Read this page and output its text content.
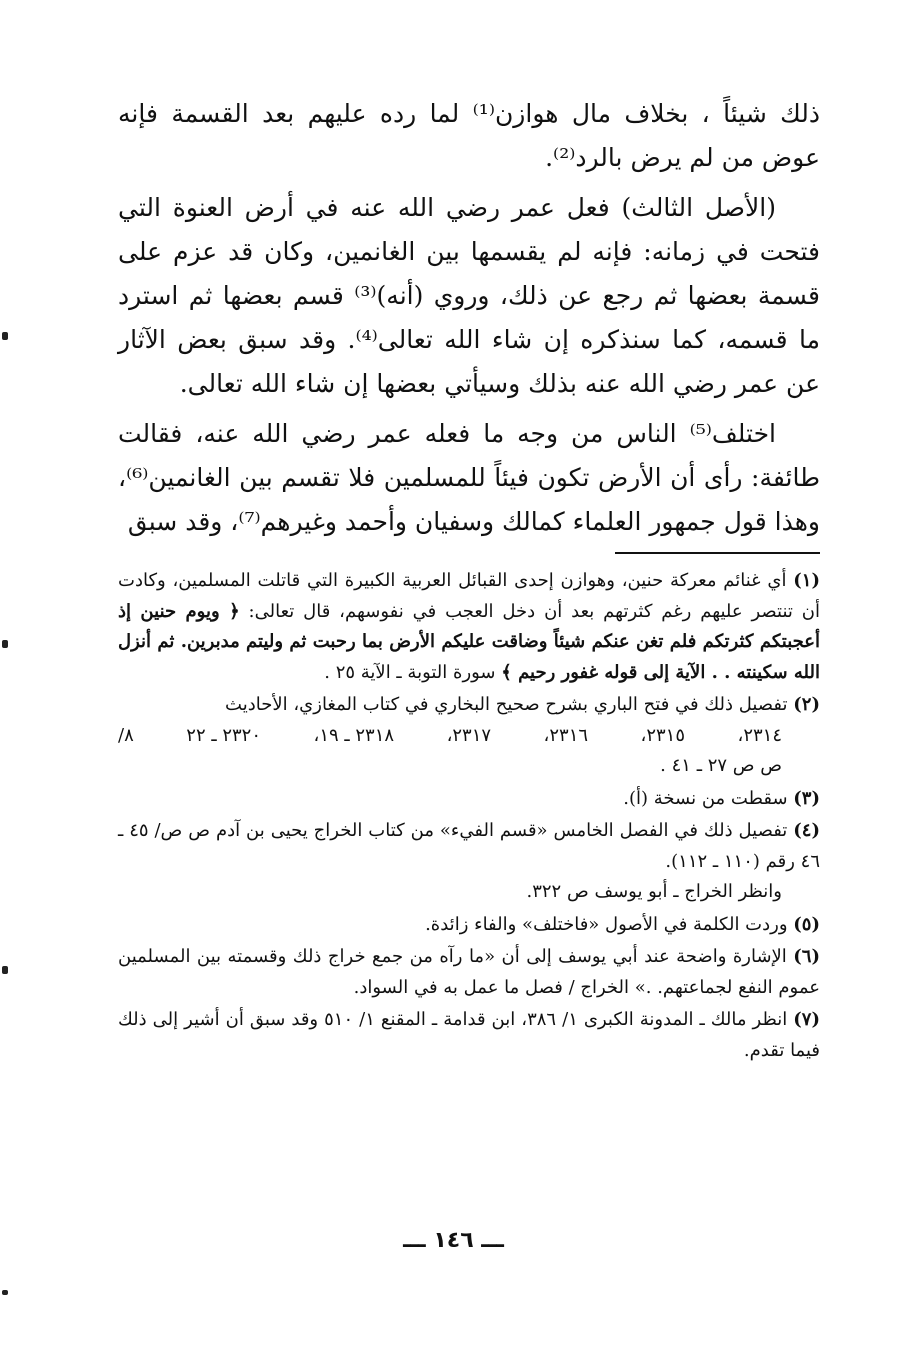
ذلك شيئاً ، بخلاف مال هوازن⁽¹⁾ لما رده عليهم بعد القسمة فإنه عوض من لم يرض بالرد⁽²⁾.

(الأصل الثالث) فعل عمر رضي الله عنه في أرض العنوة التي فتحت في زمانه: فإنه لم يقسمها بين الغانمين، وكان قد عزم على قسمة بعضها ثم رجع عن ذلك، وروي (أنه)⁽³⁾ قسم بعضها ثم استرد ما قسمه، كما سنذكره إن شاء الله تعالى⁽⁴⁾. وقد سبق بعض الآثار عن عمر رضي الله عنه بذلك وسيأتي بعضها إن شاء الله تعالى.

اختلف⁽⁵⁾ الناس من وجه ما فعله عمر رضي الله عنه، فقالت طائفة: رأى أن الأرض تكون فيئاً للمسلمين فلا تقسم بين الغانمين⁽⁶⁾، وهذا قول جمهور العلماء كمالك وسفيان وأحمد وغيرهم⁽⁷⁾، وقد سبق

(١) أي غنائم معركة حنين، وهوازن إحدى القبائل العربية الكبيرة التي قاتلت المسلمين، وكادت أن تنتصر عليهم رغم كثرتهم بعد أن دخل العجب في نفوسهم، قال تعالى: ﴿ ويوم حنين إذ أعجبتكم كثرتكم فلم تغن عنكم شيئاً وضاقت عليكم الأرض بما رحبت ثم وليتم مدبرين. ثم أنزل الله سكينته . . الآية إلى قوله غفور رحيم ﴾ سورة التوبة ـ الآية ٢٥ .
(٢) تفصيل ذلك في فتح الباري بشرح صحيح البخاري في كتاب المغازي، الأحاديث
٢٣١٤،
٢٣١٥،
٢٣١٦،
٢٣١٧،
٢٣١٨ ـ ١٩،
٢٣٢٠ ـ ٢٢
٨/
ص ص ٢٧ ـ ٤١ .
(٣) سقطت من نسخة (أ).
(٤) تفصيل ذلك في الفصل الخامس «قسم الفيء» من كتاب الخراج يحيى بن آدم ص ص/ ٤٥ ـ ٤٦ رقم (١١٠ ـ ١١٢).
وانظر الخراج ـ أبو يوسف ص ٣٢٢.
(٥) وردت الكلمة في الأصول «فاختلف» والفاء زائدة.
(٦) الإشارة واضحة عند أبي يوسف إلى أن «ما رآه من جمع خراج ذلك وقسمته بين المسلمين عموم النفع لجماعتهم. .» الخراج / فصل ما عمل به في السواد.
(٧) انظر مالك ـ المدونة الكبرى ١/ ٣٨٦، ابن قدامة ـ المقنع ١/ ٥١٠ وقد سبق أن أشير إلى ذلك فيما تقدم.
ـــ ١٤٦ ـــ
